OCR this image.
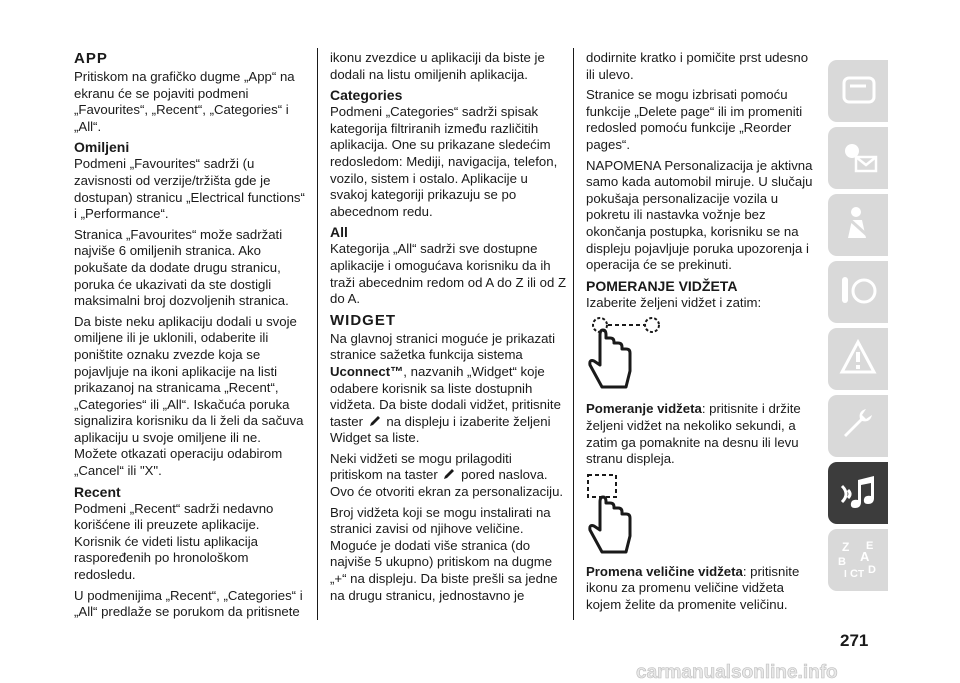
APP

Pritiskom na grafičko dugme „App“ na ekranu će se pojaviti podmeni „Favourites“, „Recent“, „Categories“ i „All“.

Omiljeni

Podmeni „Favourites“ sadrži (u zavisnosti od verzije/tržišta gde je dostupan) stranicu „Electrical functions“ i „Performance“.

Stranica „Favourites“ može sadržati najviše 6 omiljenih stranica. Ako pokušate da dodate drugu stranicu, poruka će ukazivati da ste dostigli maksimalni broj dozvoljenih stranica.

Da biste neku aplikaciju dodali u svoje omiljene ili je uklonili, odaberite ili poništite oznaku zvezde koja se pojavljuje na ikoni aplikacije na listi prikazanoj na stranicama „Recent“, „Categories“ ili „All“. Iskačuća poruka signalizira korisniku da li želi da sačuva aplikaciju u svoje omiljene ili ne. Možete otkazati operaciju odabirom „Cancel“ ili "X".

Recent

Podmeni „Recent“ sadrži nedavno korišćene ili preuzete aplikacije. Korisnik će videti listu aplikacija raspoređenih po hronološkom redosledu.

U podmenijima „Recent“, „Categories“ i „All“ predlaže se porukom da pritisnete

ikonu zvezdice u aplikaciji da biste je dodali na listu omiljenih aplikacija.

Categories

Podmeni „Categories“ sadrži spisak kategorija filtriranih između različitih aplikacija. One su prikazane sledećim redosledom: Mediji, navigacija, telefon, vozilo, sistem i ostalo. Aplikacije u svakoj kategoriji prikazuju se po abecednom redu.

All

Kategorija „All“ sadrži sve dostupne aplikacije i omogućava korisniku da ih traži abecednim redom od A do Z ili od Z do A.

WIDGET

Na glavnoj stranici moguće je prikazati stranice sažetka funkcija sistema Uconnect™, nazvanih „Widget“ koje odabere korisnik sa liste dostupnih vidžeta. Da biste dodali vidžet, pritisnite taster  na displeju i izaberite željeni Widget sa liste.

Neki vidžeti se mogu prilagoditi pritiskom na taster  pored naslova. Ovo će otvoriti ekran za personalizaciju.

Broj vidžeta koji se mogu instalirati na stranici zavisi od njihove veličine. Moguće je dodati više stranica (do najviše 5 ukupno) pritiskom na dugme „+“ na displeju. Da biste prešli sa jedne na drugu stranicu, jednostavno je

dodirnite kratko i pomičite prst udesno ili ulevo.

Stranice se mogu izbrisati pomoću funkcije „Delete page“ ili im promeniti redosled pomoću funkcije „Reorder pages“.

NAPOMENA Personalizacija je aktivna samo kada automobil miruje. U slučaju pokušaja personalizacije vozila u pokretu ili nastavka vožnje bez okončanja postupka, korisniku se na displeju pojavljuje poruka upozorenja i operacija će se prekinuti.

POMERANJE VIDŽETA

Izaberite željeni vidžet i zatim:

Pomeranje vidžeta: pritisnite i držite željeni vidžet na nekoliko sekundi, a zatim ga pomaknite na desnu ili levu stranu displeja.

Promena veličine vidžeta: pritisnite ikonu za promenu veličine vidžeta kojem želite da promenite veličinu.

Z E
B A
I C T D
271
carmanualsonline.info
